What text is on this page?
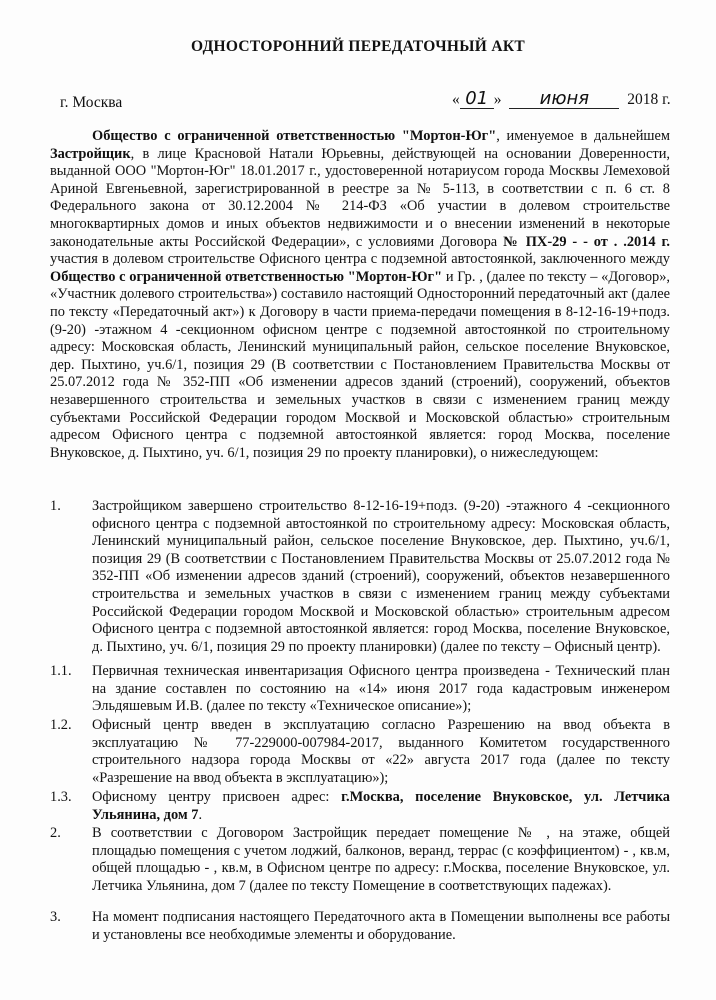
ОДНОСТОРОННИЙ ПЕРЕДАТОЧНЫЙ АКТ
г. Москва	« 01 » июня 2018 г.
Общество с ограниченной ответственностью "Мортон-Юг", именуемое в дальнейшем Застройщик, в лице Красновой Натали Юрьевны, действующей на основании Доверенности, выданной ООО "Мортон-Юг" 18.01.2017 г., удостоверенной нотариусом города Москвы Лемеховой Ариной Евгеньевной, зарегистрированной в реестре за № 5-113, в соответствии с п. 6 ст. 8 Федерального закона от 30.12.2004 № 214-ФЗ «Об участии в долевом строительстве многоквартирных домов и иных объектов недвижимости и о внесении изменений в некоторые законодательные акты Российской Федерации», с условиями Договора № ПХ-29 - - от . .2014 г. участия в долевом строительстве Офисного центра с подземной автостоянкой, заключенного между Общество с ограниченной ответственностью "Мортон-Юг" и Гр. , (далее по тексту – «Договор», «Участник долевого строительства») составило настоящий Односторонний передаточный акт (далее по тексту «Передаточный акт») к Договору в части приема-передачи помещения в 8-12-16-19+подз. (9-20) -этажном 4 -секционном офисном центре с подземной автостоянкой по строительному адресу: Московская область, Ленинский муниципальный район, сельское поселение Внуковское, дер. Пыхтино, уч.6/1, позиция 29 (В соответствии с Постановлением Правительства Москвы от 25.07.2012 года № 352-ПП «Об изменении адресов зданий (строений), сооружений, объектов незавершенного строительства и земельных участков в связи с изменением границ между субъектами Российской Федерации городом Москвой и Московской областью» строительным адресом Офисного центра с подземной автостоянкой является: город Москва, поселение Внуковское, д. Пыхтино, уч. 6/1, позиция 29 по проекту планировки), о нижеследующем:
1.	Застройщиком завершено строительство 8-12-16-19+подз. (9-20) -этажного 4 -секционного офисного центра с подземной автостоянкой по строительному адресу: Московская область, Ленинский муниципальный район, сельское поселение Внуковское, дер. Пыхтино, уч.6/1, позиция 29 (В соответствии с Постановлением Правительства Москвы от 25.07.2012 года № 352-ПП «Об изменении адресов зданий (строений), сооружений, объектов незавершенного строительства и земельных участков в связи с изменением границ между субъектами Российской Федерации городом Москвой и Московской областью» строительным адресом Офисного центра с подземной автостоянкой является: город Москва, поселение Внуковское, д. Пыхтино, уч. 6/1, позиция 29 по проекту планировки) (далее по тексту – Офисный центр).
1.1.	Первичная техническая инвентаризация Офисного центра произведена - Технический план на здание составлен по состоянию на «14» июня 2017 года кадастровым инженером Эльдяшевым И.В. (далее по тексту «Техническое описание»);
1.2.	Офисный центр введен в эксплуатацию согласно Разрешению на ввод объекта в эксплуатацию № 77-229000-007984-2017, выданного Комитетом государственного строительного надзора города Москвы от «22» августа 2017 года (далее по тексту «Разрешение на ввод объекта в эксплуатацию»);
1.3.	Офисному центру присвоен адрес: г.Москва, поселение Внуковское, ул. Летчика Ульянина, дом 7.
2.	В соответствии с Договором Застройщик передает помещение № , на этаже, общей площадью помещения с учетом лоджий, балконов, веранд, террас (с коэффициентом) - , кв.м, общей площадью - , кв.м, в Офисном центре по адресу: г.Москва, поселение Внуковское, ул. Летчика Ульянина, дом 7 (далее по тексту Помещение в соответствующих падежах).
3.	На момент подписания настоящего Передаточного акта в Помещении выполнены все работы и установлены все необходимые элементы и оборудование.
